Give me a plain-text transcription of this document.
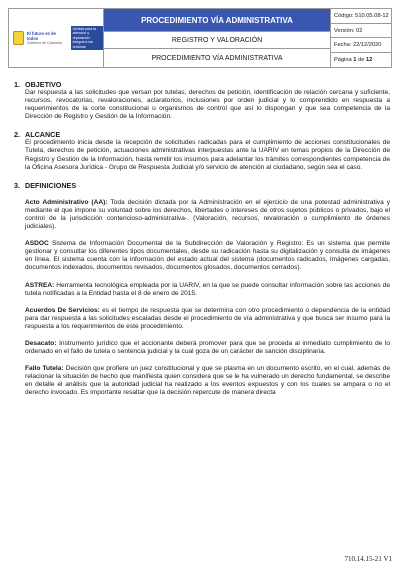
El futuro es de todos
Gobierno de Colombia
Unidad para la atención y reparación integral a las víctimas
PROCEDIMIENTO VÍA ADMINISTRATIVA
REGISTRO Y VALORACIÓN
PROCEDIMIENTO VÍA ADMINISTRATIVA
Código: 510.05.08-12
Versión: 02
Fecha: 22/12/2020
Página 1 de 12

1. OBJETIVO

Dar respuesta a las solicitudes que versan por tutelas, derechos de petición, identificación de relación cercana y suficiente, recursos, revocatorias, revaloraciones, aclaratorios, inclusiones por orden judicial y lo comprendido en respuesta a requerimientos de la corte constitucional u organismos de control que así lo dispongan y que sea competencia de la Dirección de Registro y Gestión de la Información.

2. ALCANCE

El procedimiento inicia desde la recepción de solicitudes radicadas para el cumplimiento de acciones constitucionales de Tutela, derechos de petición, actuaciones administrativas interpuestas ante la UARIV en temas propios de la Dirección de Registro y Gestión de la Información, hasta remitir los insumos para adelantar los trámites correspondientes competencia de la Oficina Asesora Jurídica - Grupo de Respuesta Judicial y/o servicio de atención al ciudadano, según sea el caso.

3. DEFINICIONES

Acto Administrativo (AA): Toda decisión dictada por la Administración en el ejercicio de una potestad administrativa y mediante el que impone su voluntad sobre los derechos, libertades o intereses de otros sujetos públicos o privados, bajo el control de la jurisdicción contencioso-administrativa-. (Valoración, recursos, revaloración o cumplimiento de órdenes judiciales).

ASDOC Sistema de Información Documental de la Subdirección de Valoración y Registro: Es un sistema que permite gestionar y consultar los diferentes tipos documentales, desde su radicación hasta su digitalización y consulta de imágenes en línea. El sistema cuenta con la información del estado actual del sistema (documentos radicados, imágenes cargadas, documentos indexados, documentos revisados, documentos glosados, documentos cerrados).

ASTREA: Herramienta tecnológica empleada por la UARIV, en la que se puede consultar información sobre las acciones de tutela notificadas a la Entidad hasta el 8 de enero de 2015.

Acuerdos De Servicios: es el tiempo de respuesta que se determina con otro procedimiento o dependencia de la entidad para dar respuesta a las solicitudes escaladas desde el procedimiento de vía administrativa y que busca ser insumo para la respuesta a los requerimientos de este procedimiento.

Desacato: Instrumento jurídico que el accionante deberá promover para que se proceda al inmediato cumplimiento de lo ordenado en el fallo de tutela o sentencia judicial y la cual goza de un carácter de sanción disciplinaria.

Fallo Tutela: Decisión que profiere un juez constitucional y que se plasma en un documento escrito, en el cual, además de relacionar la situación de hecho que manifiesta quien considera que se le ha vulnerado un derecho fundamental, se describe en detalle el análisis que la autoridad judicial ha realizado a los eventos expuestos y con los cuales se ampara o no el derecho invocado. Es importante resaltar que la decisión repercute de manera directa

710.14.15-21 V1
